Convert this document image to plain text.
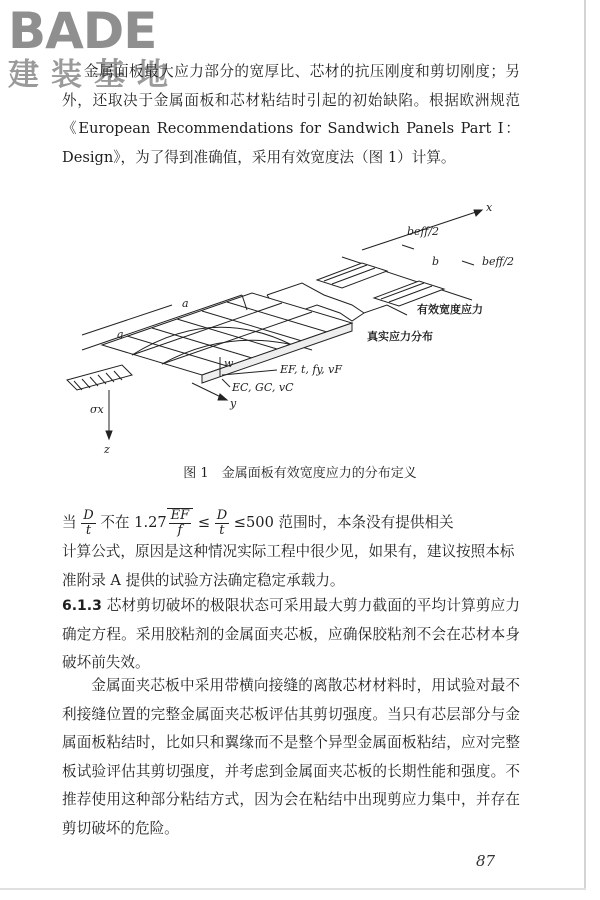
BADE
建装基地

金属面板最大应力部分的宽厚比、芯材的抗压刚度和剪切刚度；另外，还取决于金属面板和芯材粘结时引起的初始缺陷。根据欧洲规范《European Recommendations for Sandwich Panels Part Ⅰ：Design》，为了得到准确值，采用有效宽度法（图 1）计算。

x
b
beff/2
beff/2
a
a
w	EF, t, fy, vF
EC, GC, vC
y
σx
z
有效宽度应力
真实应力分布
图 1　金属面板有效宽度应力的分布定义
当 $\frac{D}{t}$ 不在 $1.27 \frac{EF}{f} \le \frac{D}{t} \le 500$ 范围时，本条没有提供相关
计算公式，原因是这种情况实际工程中很少见，如果有，建议按照本标准附录 A 提供的试验方法确定稳定承载力。

6.1.3 芯材剪切破坏的极限状态可采用最大剪力截面的平均计算剪应力确定方程。采用胶粘剂的金属面夹芯板，应确保胶粘剂不会在芯材本身破坏前失效。

金属面夹芯板中采用带横向接缝的离散芯材材料时，用试验对最不利接缝位置的完整金属面夹芯板评估其剪切强度。当只有芯层部分与金属面板粘结时，比如只和翼缘而不是整个异型金属面板粘结，应对完整板试验评估其剪切强度，并考虑到金属面夹芯板的长期性能和强度。不推荐使用这种部分粘结方式，因为会在粘结中出现剪应力集中，并存在剪切破坏的危险。

87
